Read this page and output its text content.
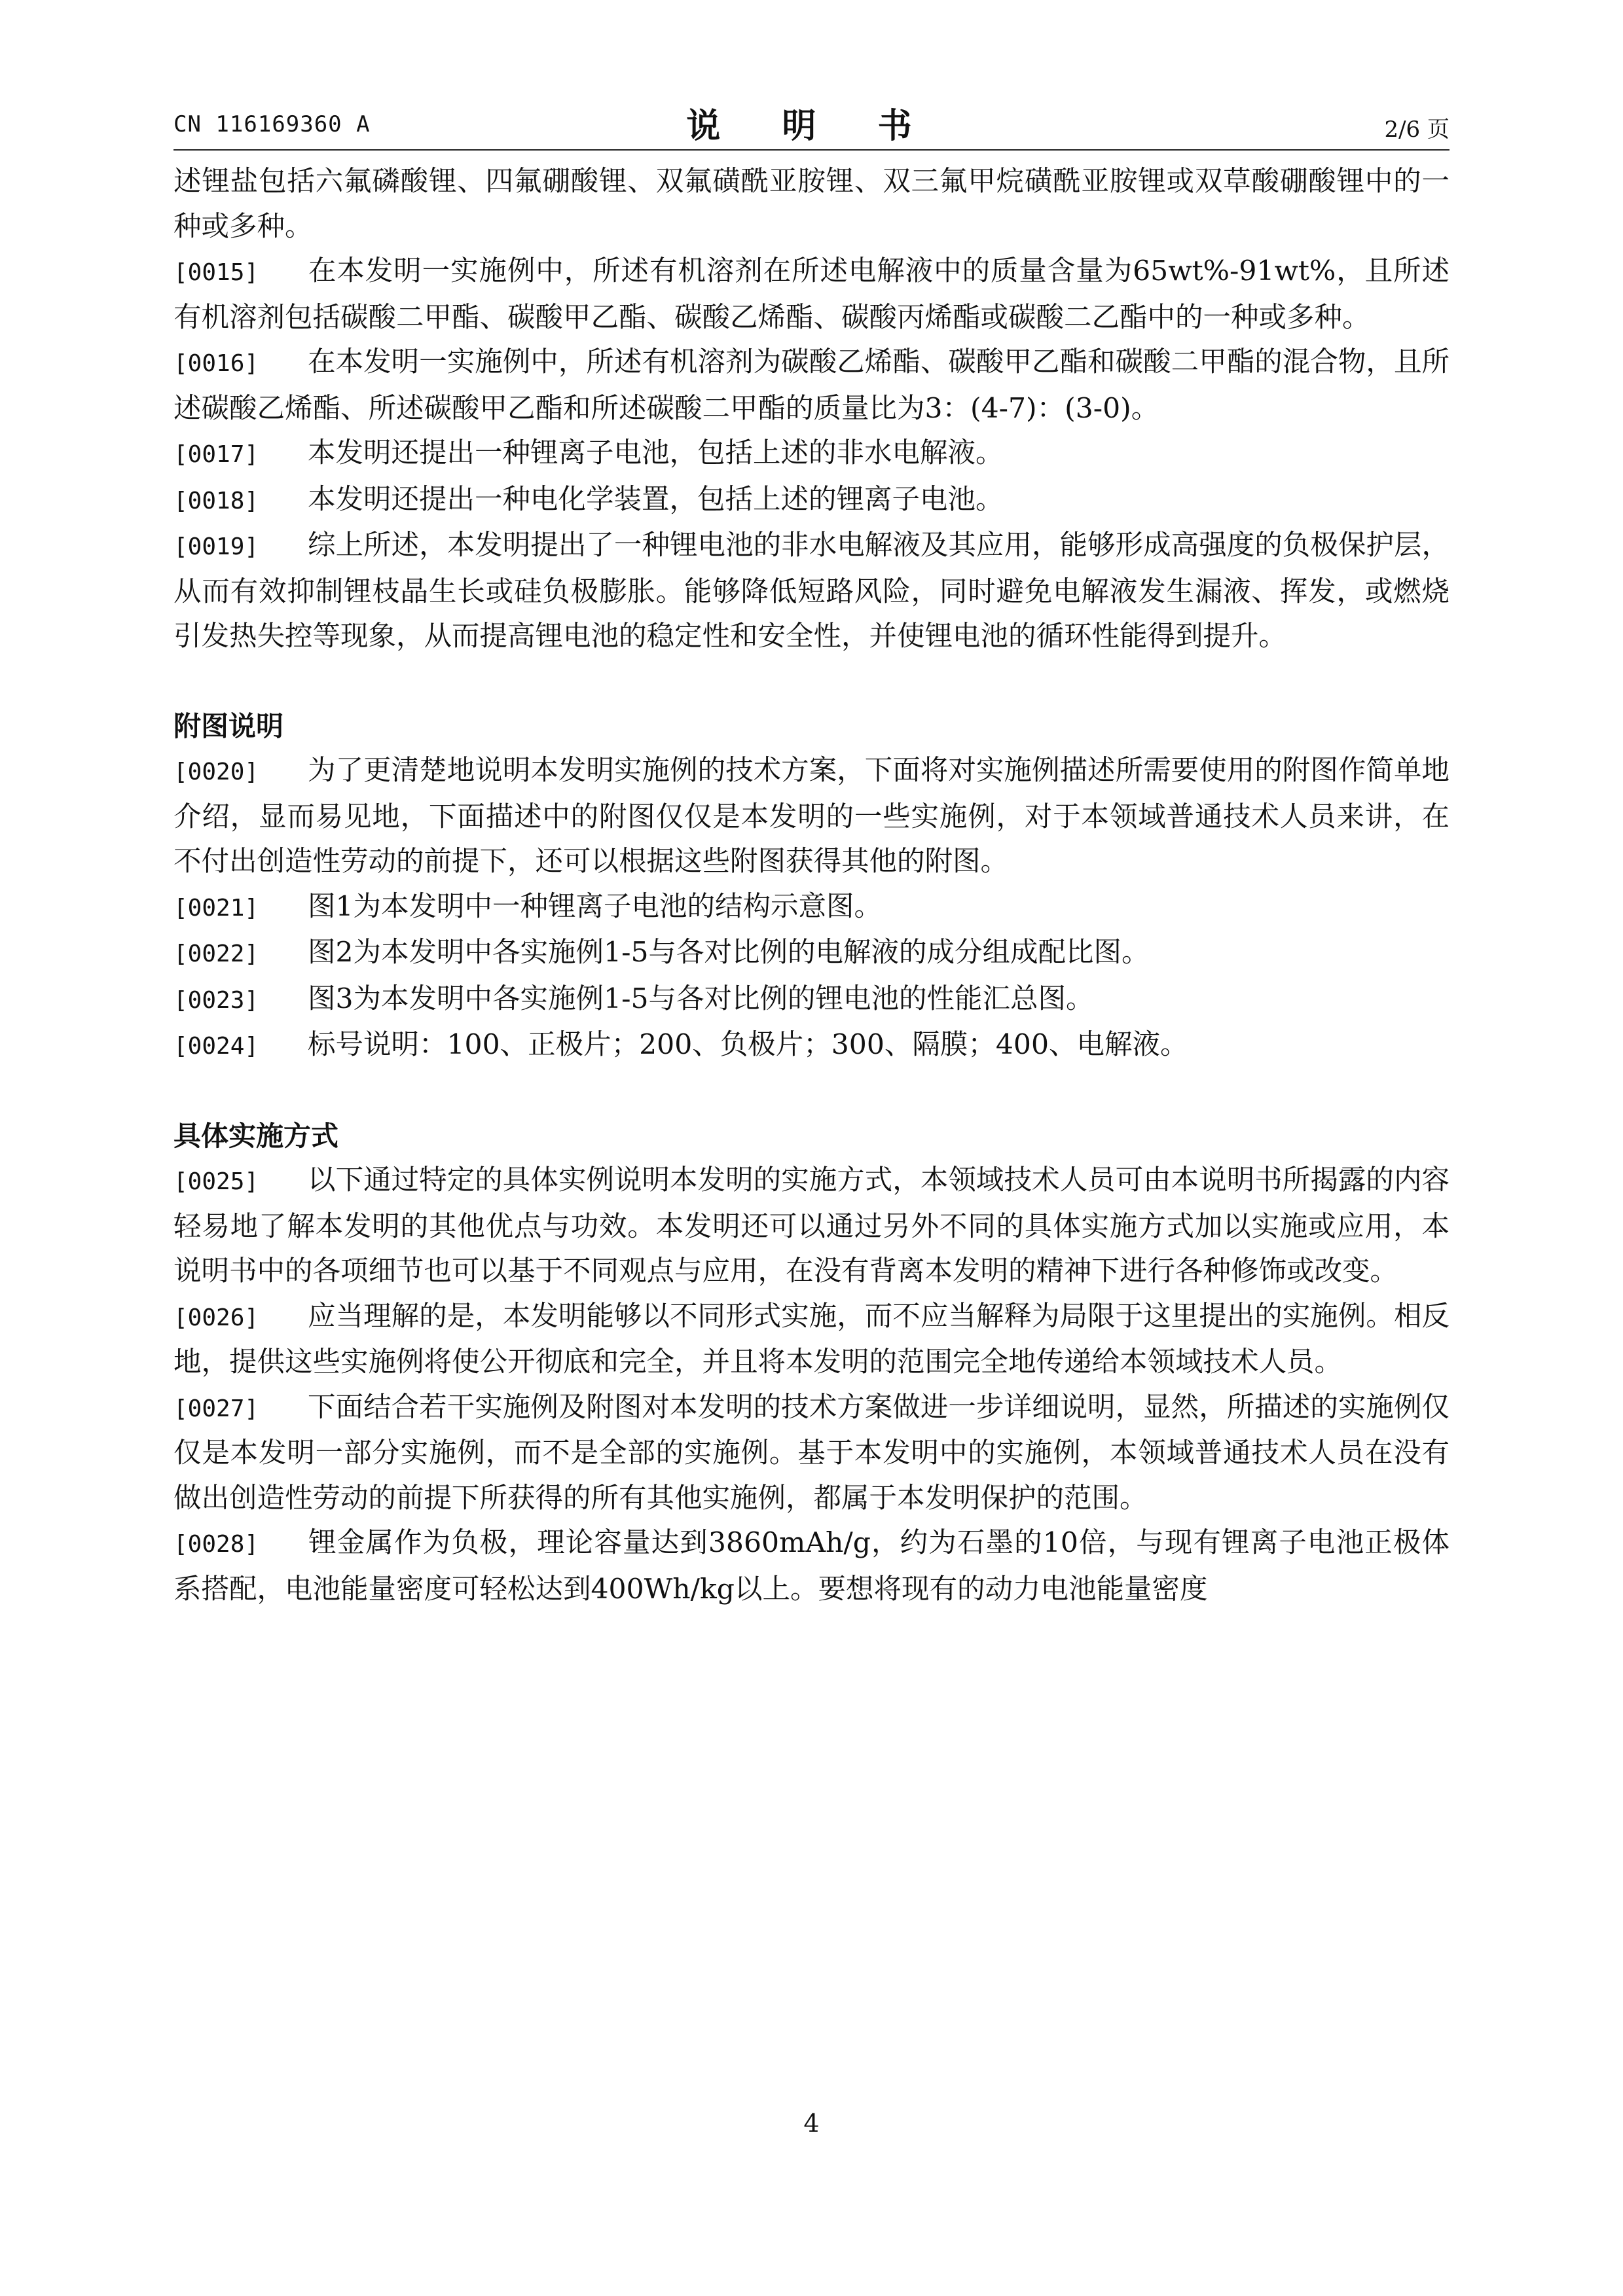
CN 116169360 A	说 明 书	2/6 页

述锂盐包括六氟磷酸锂、四氟硼酸锂、双氟磺酰亚胺锂、双三氟甲烷磺酰亚胺锂或双草酸硼酸锂中的一种或多种。

[0015] 在本发明一实施例中，所述有机溶剂在所述电解液中的质量含量为65wt%-91wt%，且所述有机溶剂包括碳酸二甲酯、碳酸甲乙酯、碳酸乙烯酯、碳酸丙烯酯或碳酸二乙酯中的一种或多种。

[0016] 在本发明一实施例中，所述有机溶剂为碳酸乙烯酯、碳酸甲乙酯和碳酸二甲酯的混合物，且所述碳酸乙烯酯、所述碳酸甲乙酯和所述碳酸二甲酯的质量比为3：(4-7)：(3-0)。

[0017] 本发明还提出一种锂离子电池，包括上述的非水电解液。

[0018] 本发明还提出一种电化学装置，包括上述的锂离子电池。

[0019] 综上所述，本发明提出了一种锂电池的非水电解液及其应用，能够形成高强度的负极保护层，从而有效抑制锂枝晶生长或硅负极膨胀。能够降低短路风险，同时避免电解液发生漏液、挥发，或燃烧引发热失控等现象，从而提高锂电池的稳定性和安全性，并使锂电池的循环性能得到提升。

附图说明

[0020] 为了更清楚地说明本发明实施例的技术方案，下面将对实施例描述所需要使用的附图作简单地介绍，显而易见地，下面描述中的附图仅仅是本发明的一些实施例，对于本领域普通技术人员来讲，在不付出创造性劳动的前提下，还可以根据这些附图获得其他的附图。

[0021] 图1为本发明中一种锂离子电池的结构示意图。

[0022] 图2为本发明中各实施例1-5与各对比例的电解液的成分组成配比图。

[0023] 图3为本发明中各实施例1-5与各对比例的锂电池的性能汇总图。

[0024] 标号说明：100、正极片；200、负极片；300、隔膜；400、电解液。

具体实施方式

[0025] 以下通过特定的具体实例说明本发明的实施方式，本领域技术人员可由本说明书所揭露的内容轻易地了解本发明的其他优点与功效。本发明还可以通过另外不同的具体实施方式加以实施或应用，本说明书中的各项细节也可以基于不同观点与应用，在没有背离本发明的精神下进行各种修饰或改变。

[0026] 应当理解的是，本发明能够以不同形式实施，而不应当解释为局限于这里提出的实施例。相反地，提供这些实施例将使公开彻底和完全，并且将本发明的范围完全地传递给本领域技术人员。

[0027] 下面结合若干实施例及附图对本发明的技术方案做进一步详细说明，显然，所描述的实施例仅仅是本发明一部分实施例，而不是全部的实施例。基于本发明中的实施例，本领域普通技术人员在没有做出创造性劳动的前提下所获得的所有其他实施例，都属于本发明保护的范围。

[0028] 锂金属作为负极，理论容量达到3860mAh/g，约为石墨的10倍，与现有锂离子电池正极体系搭配，电池能量密度可轻松达到400Wh/kg以上。要想将现有的动力电池能量密度

4
